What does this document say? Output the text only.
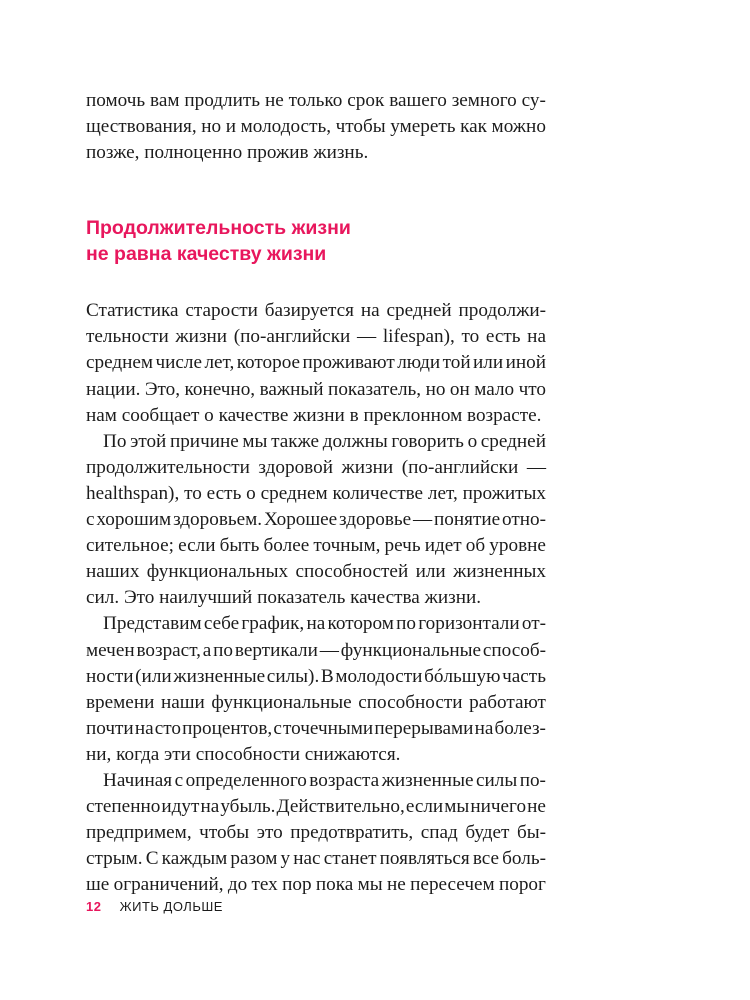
помочь вам продлить не только срок вашего земного су-
ществования, но и молодость, чтобы умереть как можно
позже, полноценно прожив жизнь.
Продолжительность жизни
не равна качеству жизни
Статистика старости базируется на средней продолжи-
тельности жизни (по-английски — lifespan), то есть на
среднем числе лет, которое проживают люди той или иной
нации. Это, конечно, важный показатель, но он мало что
нам сообщает о качестве жизни в преклонном возрасте.
По этой причине мы также должны говорить о средней
продолжительности здоровой жизни (по-английски —
healthspan), то есть о среднем количестве лет, прожитых
с хорошим здоровьем. Хорошее здоровье — понятие отно-
сительное; если быть более точным, речь идет об уровне
наших функциональных способностей или жизненных
сил. Это наилучший показатель качества жизни.
Представим себе график, на котором по горизонтали от-
мечен возраст, а по вертикали — функциональные способ-
ности (или жизненные силы). В молодости бóльшую часть
времени наши функциональные способности работают
почти на сто процентов, с точечными перерывами на болез-
ни, когда эти способности снижаются.
Начиная с определенного возраста жизненные силы по-
степенно идут на убыль. Действительно, если мы ничего не
предпримем, чтобы это предотвратить, спад будет бы-
стрым. С каждым разом у нас станет появляться все боль-
ше ограничений, до тех пор пока мы не пересечем порог
12 ЖИТЬ ДОЛЬШЕ
